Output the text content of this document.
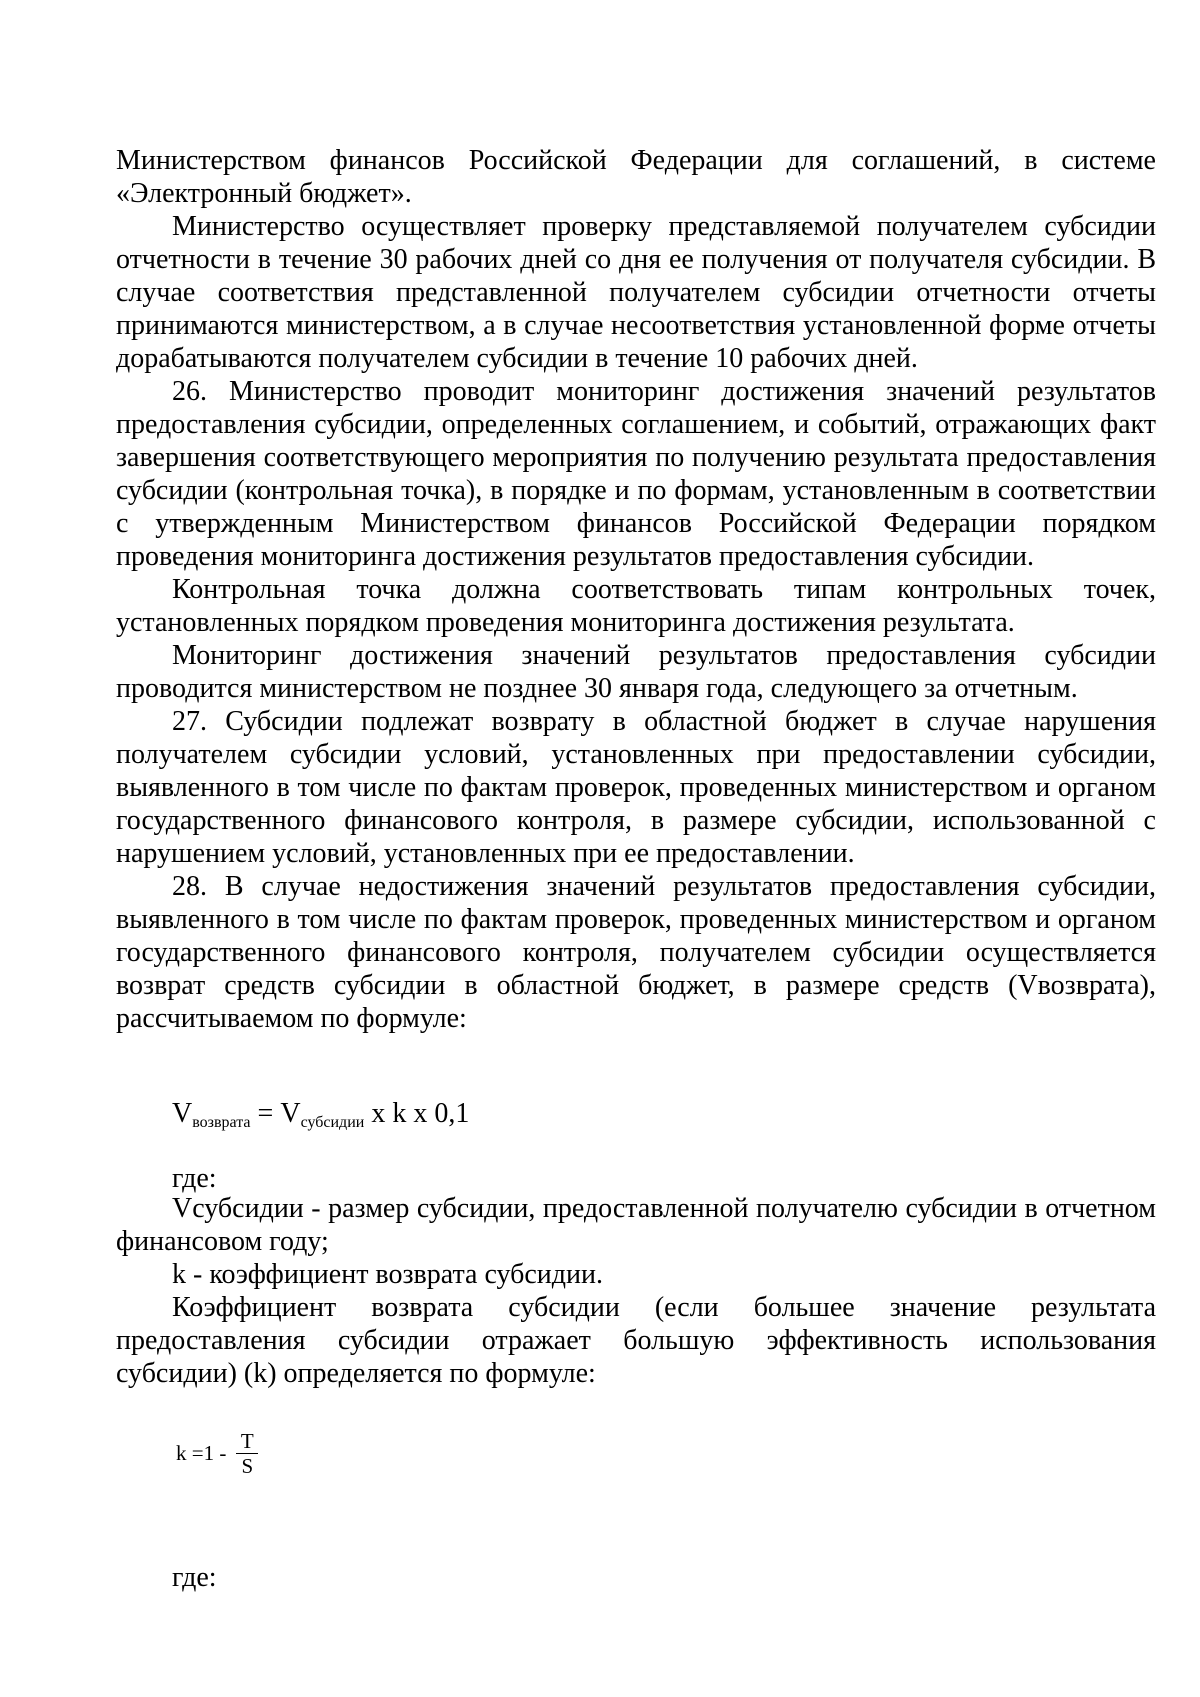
Министерством финансов Российской Федерации для соглашений, в системе «Электронный бюджет».

Министерство осуществляет проверку представляемой получателем субсидии отчетности в течение 30 рабочих дней со дня ее получения от получателя субсидии. В случае соответствия представленной получателем субсидии отчетности отчеты принимаются министерством, а в случае несоответствия установленной форме отчеты дорабатываются получателем субсидии в течение 10 рабочих дней.

26. Министерство проводит мониторинг достижения значений результатов предоставления субсидии, определенных соглашением, и событий, отражающих факт завершения соответствующего мероприятия по получению результата предоставления субсидии (контрольная точка), в порядке и по формам, установленным в соответствии с утвержденным Министерством финансов Российской Федерации порядком проведения мониторинга достижения результатов предоставления субсидии.

Контрольная точка должна соответствовать типам контрольных точек, установленных порядком проведения мониторинга достижения результата.

Мониторинг достижения значений результатов предоставления субсидии проводится министерством не позднее 30 января года, следующего за отчетным.

27. Субсидии подлежат возврату в областной бюджет в случае нарушения получателем субсидии условий, установленных при предоставлении субсидии, выявленного в том числе по фактам проверок, проведенных министерством и органом государственного финансового контроля, в размере субсидии, использованной с нарушением условий, установленных при ее предоставлении.

28. В случае недостижения значений результатов предоставления субсидии, выявленного в том числе по фактам проверок, проведенных министерством и органом государственного финансового контроля, получателем субсидии осуществляется возврат средств субсидии в областной бюджет, в размере средств (Vвозврата), рассчитываемом по формуле:

$V_{возврата} = V_{субсидии}$ x k x 0,1
где:

Vсубсидии - размер субсидии, предоставленной получателю субсидии в отчетном финансовом году;

k - коэффициент возврата субсидии.

Коэффициент возврата субсидии (если большее значение результата предоставления субсидии отражает большую эффективность использования субсидии) (k) определяется по формуле:

$k =1 - \frac{T}{S}$
где:
